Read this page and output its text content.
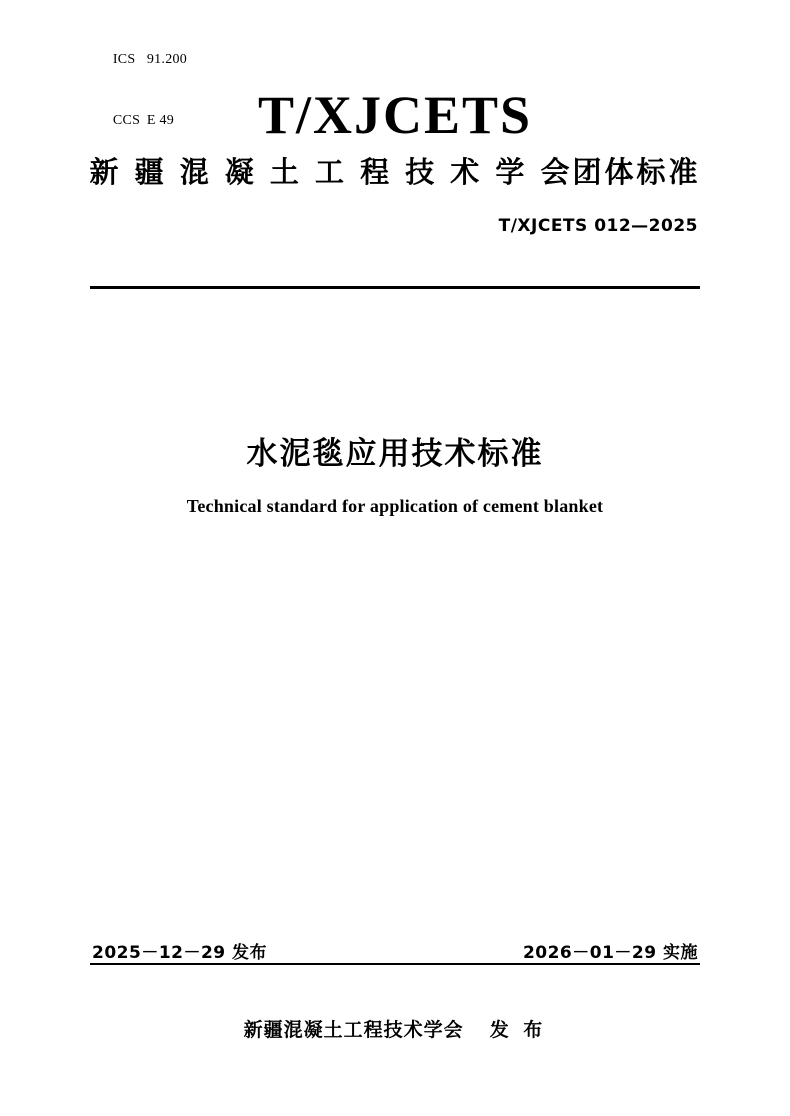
ICS 91.200

CCS E 49
	T/XJCETS
新 疆 混 凝 土 工 程 技 术 学 会团体标准
T/XJCETS 012—2025
水泥毯应用技术标准
Technical standard for application of cement blanket
2025－12－29 发布	2026－01－29 实施
新疆混凝土工程技术学会 发 布
